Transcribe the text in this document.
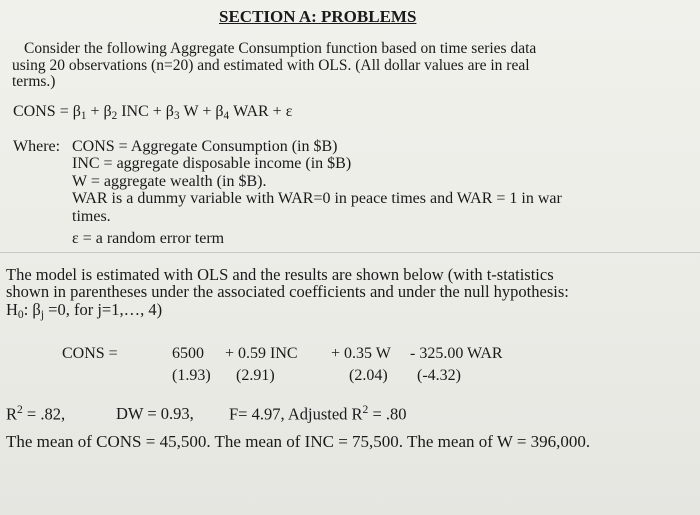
SECTION A: PROBLEMS
Consider the following Aggregate Consumption function based on time series data
using 20 observations (n=20) and estimated with OLS. (All dollar values are in real
terms.)
CONS = $\beta_1 + \beta_2$ INC + $\beta_3$ $W + \beta_4$ WAR + ε
Where: CONS = Aggregate Consumption (in $B)
INC = aggregate disposable income (in $B)
W = aggregate wealth (in $B).
WAR is a dummy variable with WAR=0 in peace times and WAR = 1 in war
times.
ε = a random error term
The model is estimated with OLS and the results are shown below (with t-statistics
shown in parentheses under the associated coefficients and under the null hypothesis:
$H_0$: $\beta_j =0$, for j=1,…, 4)
CONS =	6500 + 0.59 INC + 0.35 W - 325.00 WAR
(1.93) (2.91)	(2.04) (-4.32)
$R^2 = .82$,	DW = 0.93, F= 4.97, Adjusted $R^2 = .80$
The mean of CONS = 45,500. The mean of INC = 75,500. The mean of W = 396,000.
